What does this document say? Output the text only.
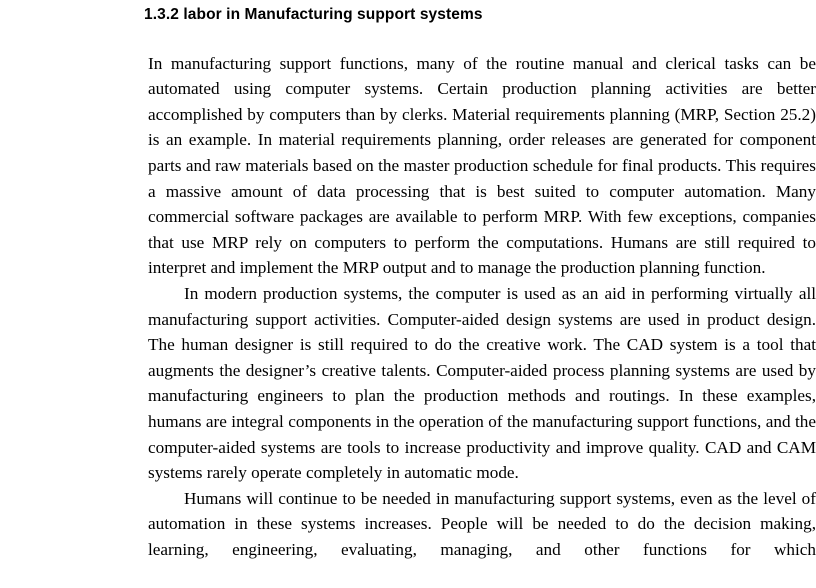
1.3.2 labor in Manufacturing support systems

In manufacturing support functions, many of the routine manual and clerical tasks can be automated using computer systems. Certain production planning activities are better accomplished by computers than by clerks. Material requirements planning (MRP, Section 25.2) is an example. In material requirements planning, order releases are generated for component parts and raw materials based on the master production schedule for final products. This requires a massive amount of data processing that is best suited to computer automation. Many commercial software packages are available to perform MRP. With few exceptions, companies that use MRP rely on computers to perform the computations. Humans are still required to interpret and implement the MRP output and to manage the production planning function.

In modern production systems, the computer is used as an aid in performing virtually all manufacturing support activities. Computer-aided design systems are used in product design. The human designer is still required to do the creative work. The CAD system is a tool that augments the designer’s creative talents. Computer-aided process planning systems are used by manufacturing engineers to plan the production methods and routings. In these examples, humans are integral components in the operation of the manufacturing support functions, and the computer-aided systems are tools to increase productivity and improve quality. CAD and CAM systems rarely operate completely in automatic mode.

Humans will continue to be needed in manufacturing support systems, even as the level of automation in these systems increases. People will be needed to do the decision making, learning, engineering, evaluating, managing, and other functions for which
